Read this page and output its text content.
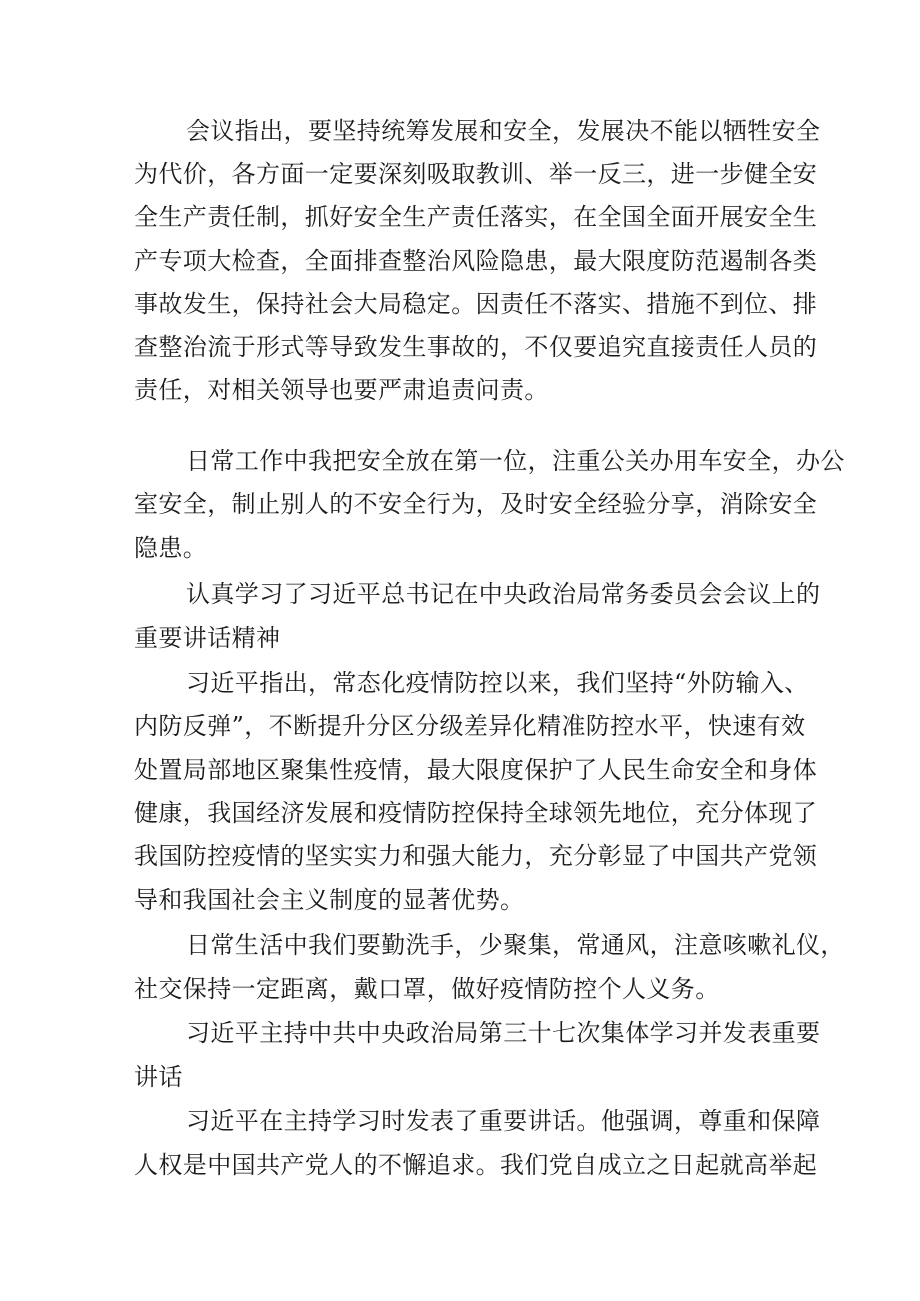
会议指出，要坚持统筹发展和安全，发展决不能以牺牲安全
为代价，各方面一定要深刻吸取教训、举一反三，进一步健全安
全生产责任制，抓好安全生产责任落实，在全国全面开展安全生
产专项大检查，全面排查整治风险隐患，最大限度防范遏制各类
事故发生，保持社会大局稳定。因责任不落实、措施不到位、排
查整治流于形式等导致发生事故的，不仅要追究直接责任人员的
责任，对相关领导也要严肃追责问责。
日常工作中我把安全放在第一位，注重公关办用车安全，办公
室安全，制止别人的不安全行为，及时安全经验分享，消除安全
隐患。
认真学习了习近平总书记在中央政治局常务委员会会议上的
重要讲话精神
习近平指出，常态化疫情防控以来，我们坚持“外防输入、
内防反弹”，不断提升分区分级差异化精准防控水平，快速有效
处置局部地区聚集性疫情，最大限度保护了人民生命安全和身体
健康，我国经济发展和疫情防控保持全球领先地位，充分体现了
我国防控疫情的坚实实力和强大能力，充分彰显了中国共产党领
导和我国社会主义制度的显著优势。
日常生活中我们要勤洗手，少聚集，常通风，注意咳嗽礼仪，
社交保持一定距离，戴口罩，做好疫情防控个人义务。
习近平主持中共中央政治局第三十七次集体学习并发表重要
讲话
习近平在主持学习时发表了重要讲话。他强调，尊重和保障
人权是中国共产党人的不懈追求。我们党自成立之日起就高举起
